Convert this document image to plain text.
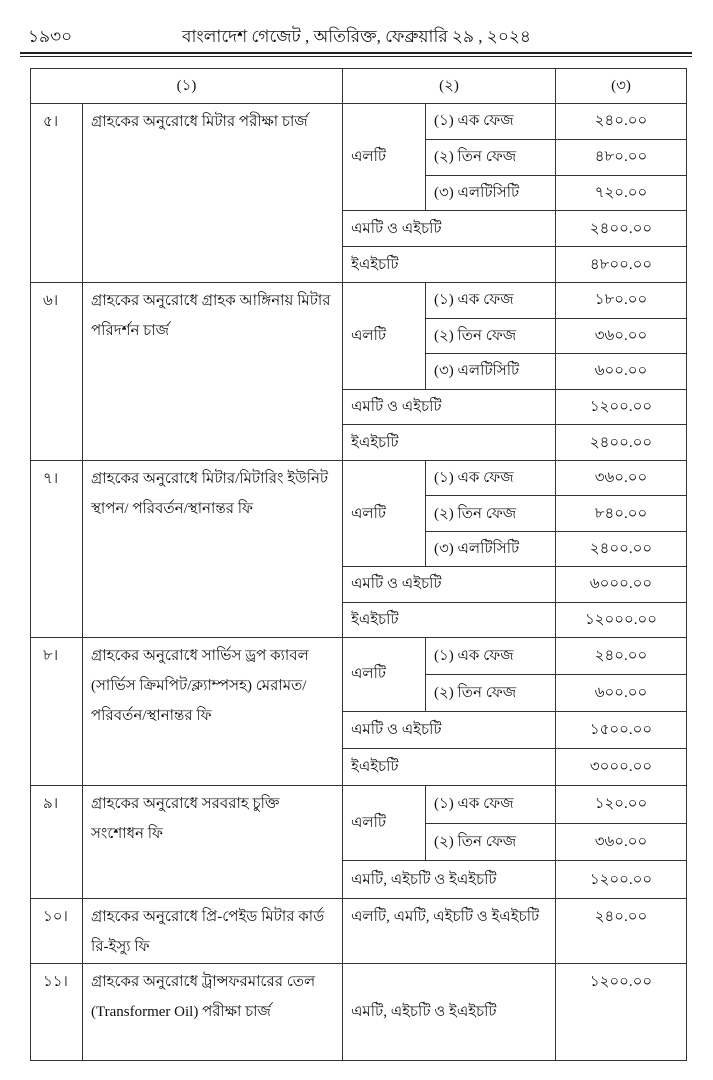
১৯৩০	বাংলাদেশ গেজেট , অতিরিক্ত, ফেব্রুয়ারি ২৯ , ২০২৪
(১)		(২)		(৩)
৫।	গ্রাহকের অনুরোধে মিটার পরীক্ষা চার্জ	এলটি	(১) এক ফেজ	২৪০.০০
			(২) তিন ফেজ	৪৮০.০০
			(৩) এলটিসিটি	৭২০.০০
		এমটি ও এইচটি		২৪০০.০০
		ইএইচটি		৪৮০০.০০
৬।	গ্রাহকের অনুরোধে গ্রাহক আঙ্গিনায় মিটার পরিদর্শন চার্জ	এলটি	(১) এক ফেজ	১৮০.০০
			(২) তিন ফেজ	৩৬০.০০
			(৩) এলটিসিটি	৬০০.০০
		এমটি ও এইচটি		১২০০.০০
		ইএইচটি		২৪০০.০০
৭।	গ্রাহকের অনুরোধে মিটার/মিটারিং ইউনিট স্থাপন/ পরিবর্তন/স্থানান্তর ফি	এলটি	(১) এক ফেজ	৩৬০.০০
			(২) তিন ফেজ	৮৪০.০০
			(৩) এলটিসিটি	২৪০০.০০
		এমটি ও এইচটি		৬০০০.০০
		ইএইচটি		১২০০০.০০
৮।	গ্রাহকের অনুরোধে সার্ভিস ড্রপ ক্যাবল (সার্ভিস ক্রিমপিট/ক্ল্যাম্পসহ) মেরামত/পরিবর্তন/স্থানান্তর ফি	এলটি	(১) এক ফেজ	২৪০.০০
			(২) তিন ফেজ	৬০০.০০
		এমটি ও এইচটি		১৫০০.০০
		ইএইচটি		৩০০০.০০
৯।	গ্রাহকের অনুরোধে সরবরাহ চুক্তি সংশোধন ফি	এলটি	(১) এক ফেজ	১২০.০০
			(২) তিন ফেজ	৩৬০.০০
		এমটি, এইচটি ও ইএইচটি		১২০০.০০
১০।	গ্রাহকের অনুরোধে প্রি-পেইড মিটার কার্ড রি-ইস্যু ফি	এলটি, এমটি, এইচটি ও ইএইচটি		২৪০.০০
১১।	গ্রাহকের অনুরোধে ট্রান্সফরমারের তেল (Transformer Oil) পরীক্ষা চার্জ	এমটি, এইচটি ও ইএইচটি		১২০০.০০
